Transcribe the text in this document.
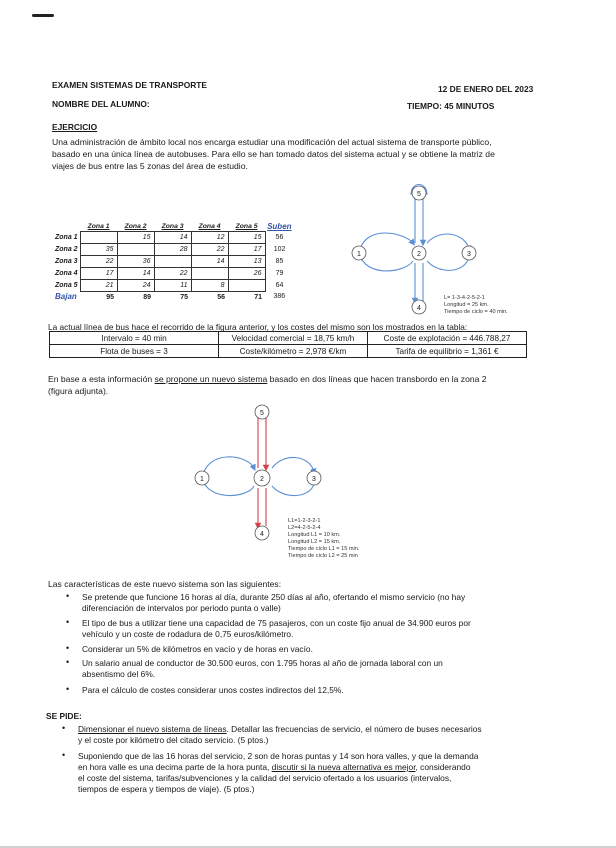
EXAMEN SISTEMAS DE TRANSPORTE	12 DE ENERO DEL 2023
NOMBRE DEL ALUMNO:	TIEMPO: 45 MINUTOS
EJERCICIO
Una administración de ámbito local nos encarga estudiar una modificación del actual sistema de transporte público,
basado en una única línea de autobuses. Para ello se han tomado datos del sistema actual y se obtiene la matriz de
viajes de bus entre las 5 zonas del área de estudio.
	Zona 1	Zona 2	Zona 3	Zona 4	Zona 5	Suben
Zona 1		15	14	12	15	56
Zona 2	35		28	22	17	102
Zona 3	22	36		14	13	85
Zona 4	17	14	22		26	79
Zona 5	21	24	11	8		64
Bajan	95	89	75	56	71	386
1	2	3
4
5
L= 1-3-4-2-5-2-1
Longitud = 25 km.
Tiempo de ciclo = 40 min.
La actual línea de bus hace el recorrido de la figura anterior, y los costes del mismo son los mostrados en la tabla:
Intervalo = 40 min	Velocidad comercial = 18,75 km/h	Coste de explotación = 446.788,27
Flota de buses = 3	Coste/kilómetro = 2,978 €/km	Tarifa de equilibrio = 1,361 €
En base a esta información se propone un nuevo sistema basado en dos líneas que hacen transbordo en la zona 2
(figura adjunta).
1	2	3
4
5
L1=1-2-3-2-1
L2=4-2-5-2-4
Longitud L1 = 10 km.
Longitud L2 = 15 km.
Tiempo de ciclo L1 = 15 min.
Tiempo de ciclo L2 = 25 min
Las características de este nuevo sistema son las siguientes:
• Se pretende que funcione 16 horas al día, durante 250 días al año, ofertando el mismo servicio (no hay
diferenciación de intervalos por periodo punta o valle)
• El tipo de bus a utilizar tiene una capacidad de 75 pasajeros, con un coste fijo anual de 34.900 euros por
vehículo y un coste de rodadura de 0,75 euros/kilómetro.
• Considerar un 5% de kilómetros en vacío y de horas en vacío.
• Un salario anual de conductor de 30.500 euros, con 1.795 horas al año de jornada laboral con un
absentismo del 6%.
• Para el cálculo de costes considerar unos costes indirectos del 12,5%.
SE PIDE:
• Dimensionar el nuevo sistema de líneas. Detallar las frecuencias de servicio, el número de buses necesarios
y el coste por kilómetro del citado servicio. (5 ptos.)
• Suponiendo que de las 16 horas del servicio, 2 son de horas puntas y 14 son hora valles, y que la demanda
en hora valle es una decima parte de la hora punta, discutir si la nueva alternativa es mejor, considerando
el coste del sistema, tarifas/subvenciones y la calidad del servicio ofertado a los usuarios (intervalos,
tiempos de espera y tiempos de viaje). (5 ptos.)
